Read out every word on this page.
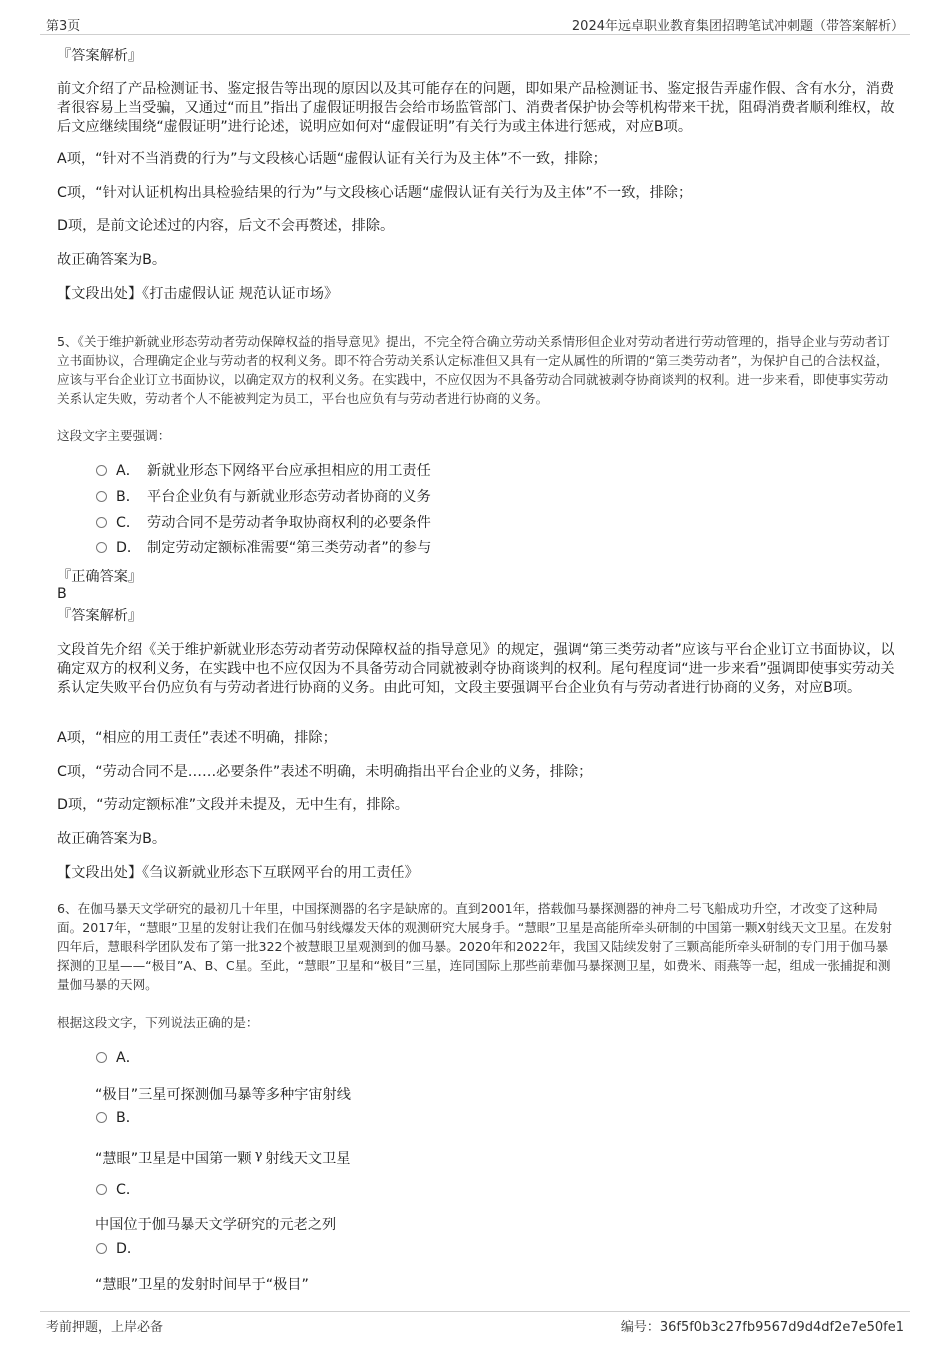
第3页	2024年远卓职业教育集团招聘笔试冲刺题（带答案解析）
『答案解析』
前文介绍了产品检测证书、鉴定报告等出现的原因以及其可能存在的问题，即如果产品检测证书、鉴定报告弄虚作假、含有水分，消费者很容易上当受骗，又通过“而且”指出了虚假证明报告会给市场监管部门、消费者保护协会等机构带来干扰，阻碍消费者顺利维权，故后文应继续围绕“虚假证明”进行论述，说明应如何对“虚假证明”有关行为或主体进行惩戒，对应B项。
A项，“针对不当消费的行为”与文段核心话题“虚假认证有关行为及主体”不一致，排除；
C项，“针对认证机构出具检验结果的行为”与文段核心话题“虚假认证有关行为及主体”不一致，排除；
D项，是前文论述过的内容，后文不会再赘述，排除。
故正确答案为B。
【文段出处】《打击虚假认证 规范认证市场》
5、《关于维护新就业形态劳动者劳动保障权益的指导意见》提出，不完全符合确立劳动关系情形但企业对劳动者进行劳动管理的，指导企业与劳动者订立书面协议，合理确定企业与劳动者的权利义务。即不符合劳动关系认定标准但又具有一定从属性的所谓的“第三类劳动者”，为保护自己的合法权益，应该与平台企业订立书面协议，以确定双方的权利义务。在实践中，不应仅因为不具备劳动合同就被剥夺协商谈判的权利。进一步来看，即使事实劳动关系认定失败，劳动者个人不能被判定为员工，平台也应负有与劳动者进行协商的义务。
这段文字主要强调：
A． 新就业形态下网络平台应承担相应的用工责任
B． 平台企业负有与新就业形态劳动者协商的义务
C． 劳动合同不是劳动者争取协商权利的必要条件
D． 制定劳动定额标准需要“第三类劳动者”的参与
『正确答案』
B
『答案解析』
文段首先介绍《关于维护新就业形态劳动者劳动保障权益的指导意见》的规定，强调“第三类劳动者”应该与平台企业订立书面协议，以确定双方的权利义务，在实践中也不应仅因为不具备劳动合同就被剥夺协商谈判的权利。尾句程度词“进一步来看”强调即使事实劳动关系认定失败平台仍应负有与劳动者进行协商的义务。由此可知，文段主要强调平台企业负有与劳动者进行协商的义务，对应B项。
A项，“相应的用工责任”表述不明确，排除；
C项，“劳动合同不是……必要条件”表述不明确，未明确指出平台企业的义务，排除；
D项，“劳动定额标准”文段并未提及，无中生有，排除。
故正确答案为B。
【文段出处】《刍议新就业形态下互联网平台的用工责任》
6、在伽马暴天文学研究的最初几十年里，中国探测器的名字是缺席的。直到2001年，搭载伽马暴探测器的神舟二号飞船成功升空，才改变了这种局面。2017年，“慧眼”卫星的发射让我们在伽马射线爆发天体的观测研究大展身手。“慧眼”卫星是高能所牵头研制的中国第一颗X射线天文卫星。在发射四年后，慧眼科学团队发布了第一批322个被慧眼卫星观测到的伽马暴。2020年和2022年，我国又陆续发射了三颗高能所牵头研制的专门用于伽马暴探测的卫星——“极目”A、B、C星。至此，“慧眼”卫星和“极目”三星，连同国际上那些前辈伽马暴探测卫星，如费米、雨燕等一起，组成一张捕捉和测量伽马暴的天网。
根据这段文字，下列说法正确的是：
A．
“极目”三星可探测伽马暴等多种宇宙射线
B．
“慧眼”卫星是中国第一颗 γ 射线天文卫星
C．
中国位于伽马暴天文学研究的元老之列
D．
“慧眼”卫星的发射时间早于“极目”
考前押题，上岸必备	编号：36f5f0b3c27fb9567d9d4df2e7e50fe1
